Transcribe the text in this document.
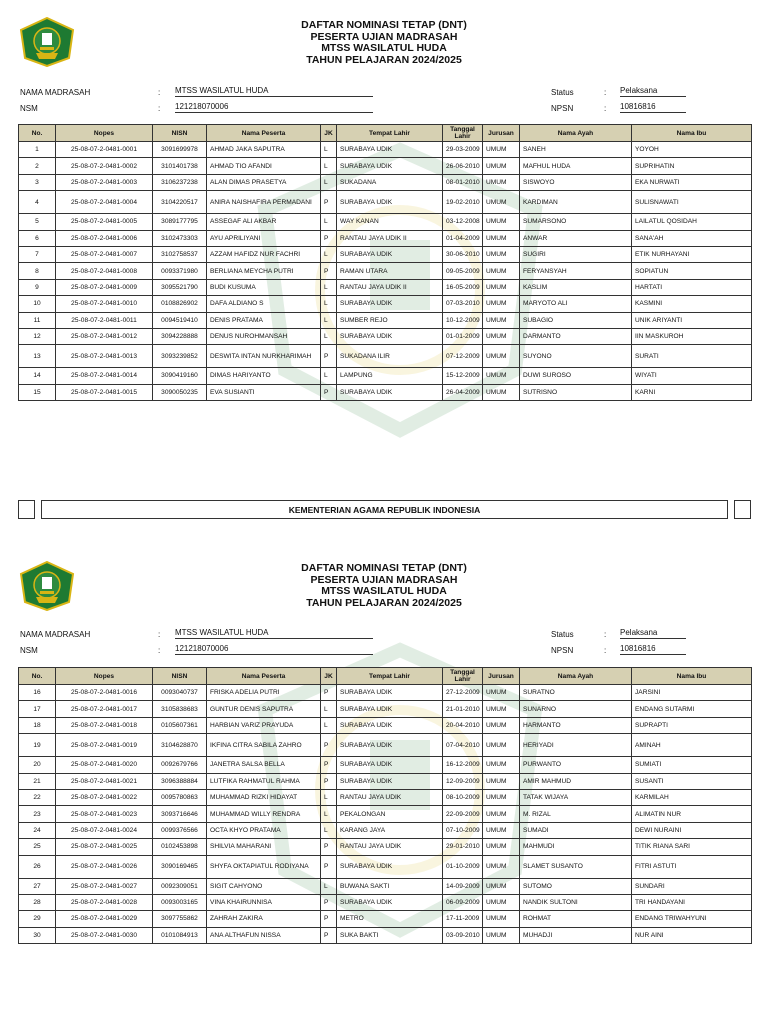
DAFTAR NOMINASI TETAP (DNT)
PESERTA UJIAN MADRASAH
MTSS WASILATUL HUDA
TAHUN PELAJARAN 2024/2025
NAMA MADRASAH	: MTSS WASILATUL HUDA	Status	: Pelaksana
NSM	: 121218070006	NPSN	: 10816816
No.	Nopes	NISN	Nama Peserta	JK	Tempat Lahir	Tanggal Lahir	Jurusan	Nama Ayah	Nama Ibu
1	25-08-07-2-0481-0001	3091699978	AHMAD JAKA SAPUTRA	L	SURABAYA UDIK	29-03-2009	UMUM	SANEH	YOYOH
2	25-08-07-2-0481-0002	3101401738	AHMAD TIO AFANDI	L	SURABAYA UDIK	26-06-2010	UMUM	MAFHUL HUDA	SUPRIHATIN
3	25-08-07-2-0481-0003	3106237238	ALAN DIMAS PRASETYA	L	SUKADANA	08-01-2010	UMUM	SISWOYO	EKA NURWATI
4	25-08-07-2-0481-0004	3104220517	ANIRA NAISHAFIRA PERMADANI	P	SURABAYA UDIK	19-02-2010	UMUM	KARDIMAN	SULISNAWATI
5	25-08-07-2-0481-0005	3089177795	ASSEGAF ALI AKBAR	L	WAY KANAN	03-12-2008	UMUM	SUMARSONO	LAILATUL QOSIDAH
6	25-08-07-2-0481-0006	3102473303	AYU APRILIYANI	P	RANTAU JAYA UDIK II	01-04-2009	UMUM	ANWAR	SANA'AH
7	25-08-07-2-0481-0007	3102758537	AZZAM HAFIDZ NUR FACHRI	L	SURABAYA UDIK	30-06-2010	UMUM	SUGIRI	ETIK NURHAYANI
8	25-08-07-2-0481-0008	0093371980	BERLIANA MEYCHA PUTRI	P	RAMAN UTARA	09-05-2009	UMUM	FERYANSYAH	SOPIATUN
9	25-08-07-2-0481-0009	3095521790	BUDI KUSUMA	L	RANTAU JAYA UDIK II	16-05-2009	UMUM	KASLIM	HARTATI
10	25-08-07-2-0481-0010	0108826902	DAFA ALDIANO S	L	SURABAYA UDIK	07-03-2010	UMUM	MARYOTO ALI	KASMINI
11	25-08-07-2-0481-0011	0094519410	DENIS PRATAMA	L	SUMBER REJO	10-12-2009	UMUM	SUBAGIO	UNIK ARIYANTI
12	25-08-07-2-0481-0012	3094228888	DENUS NUROHMANSAH	L	SURABAYA UDIK	01-01-2009	UMUM	DARMANTO	IIN MASKUROH
13	25-08-07-2-0481-0013	3093239852	DESWITA INTAN NURKHARIMAH	P	SUKADANA ILIR	07-12-2009	UMUM	SUYONO	SURATI
14	25-08-07-2-0481-0014	3090419160	DIMAS HARIYANTO	L	LAMPUNG	15-12-2009	UMUM	DUWI SUROSO	WIYATI
15	25-08-07-2-0481-0015	3090050235	EVA SUSIANTI	P	SURABAYA UDIK	26-04-2009	UMUM	SUTRISNO	KARNI
KEMENTERIAN AGAMA REPUBLIK INDONESIA
DAFTAR NOMINASI TETAP (DNT)
PESERTA UJIAN MADRASAH
MTSS WASILATUL HUDA
TAHUN PELAJARAN 2024/2025
NAMA MADRASAH	: MTSS WASILATUL HUDA	Status	: Pelaksana
NSM	: 121218070006	NPSN	: 10816816
No.	Nopes	NISN	Nama Peserta	JK	Tempat Lahir	Tanggal Lahir	Jurusan	Nama Ayah	Nama Ibu
16	25-08-07-2-0481-0016	0093040737	FRISKA ADELIA PUTRI	P	SURABAYA UDIK	27-12-2009	UMUM	SURATNO	JARSINI
17	25-08-07-2-0481-0017	3105838683	GUNTUR DENIS SAPUTRA	L	SURABAYA UDIK	21-01-2010	UMUM	SUNARNO	ENDANG SUTARMI
18	25-08-07-2-0481-0018	0105607361	HARBIAN VARIZ PRAYUDA	L	SURABAYA UDIK	20-04-2010	UMUM	HARMANTO	SUPRAPTI
19	25-08-07-2-0481-0019	3104628870	IKFINA CITRA SABILA ZAHRO	P	SURABAYA UDIK	07-04-2010	UMUM	HERIYADI	AMINAH
20	25-08-07-2-0481-0020	0092679766	JANETRA SALSA BELLA	P	SURABAYA UDIK	16-12-2009	UMUM	PURWANTO	SUMIATI
21	25-08-07-2-0481-0021	3096388884	LUTFIKA RAHMATUL RAHMA	P	SURABAYA UDIK	12-09-2009	UMUM	AMIR MAHMUD	SUSANTI
22	25-08-07-2-0481-0022	0095780863	MUHAMMAD RIZKI HIDAYAT	L	RANTAU JAYA UDIK	08-10-2009	UMUM	TATAK WIJAYA	KARMILAH
23	25-08-07-2-0481-0023	3093716646	MUHAMMAD WILLY RENDRA	L	PEKALONGAN	22-09-2009	UMUM	M. RIZAL	ALIMATIN NUR
24	25-08-07-2-0481-0024	0099376566	OCTA KHYO PRATAMA	L	KARANG JAYA	07-10-2009	UMUM	SUMADI	DEWI NURAINI
25	25-08-07-2-0481-0025	0102453898	SHILVIA MAHARANI	P	RANTAU JAYA UDIK	29-01-2010	UMUM	MAHMUDI	TITIK RIANA SARI
26	25-08-07-2-0481-0026	3090169465	SHYFA OKTAPIATUL RODIYANA	P	SURABAYA UDIK	01-10-2009	UMUM	SLAMET SUSANTO	FITRI ASTUTI
27	25-08-07-2-0481-0027	0092309051	SIGIT CAHYONO	L	BUWANA SAKTI	14-09-2009	UMUM	SUTOMO	SUNDARI
28	25-08-07-2-0481-0028	0093003165	VINA KHAIRUNNISA	P	SURABAYA UDIK	06-09-2009	UMUM	NANDIK SULTONI	TRI HANDAYANI
29	25-08-07-2-0481-0029	3097755862	ZAHRAH ZAKIRA	P	METRO	17-11-2009	UMUM	ROHMAT	ENDANG TRIWAHYUNI
30	25-08-07-2-0481-0030	0101084913	ANA ALTHAFUN NISSA	P	SUKA BAKTI	03-09-2010	UMUM	MUHADJI	NUR AINI
